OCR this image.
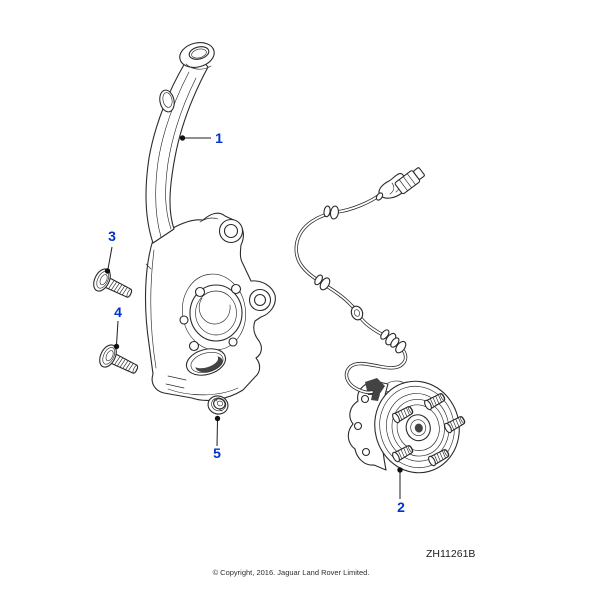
1
2
3
4
5
ZH11261B
© Copyright, 2016. Jaguar Land Rover Limited.
